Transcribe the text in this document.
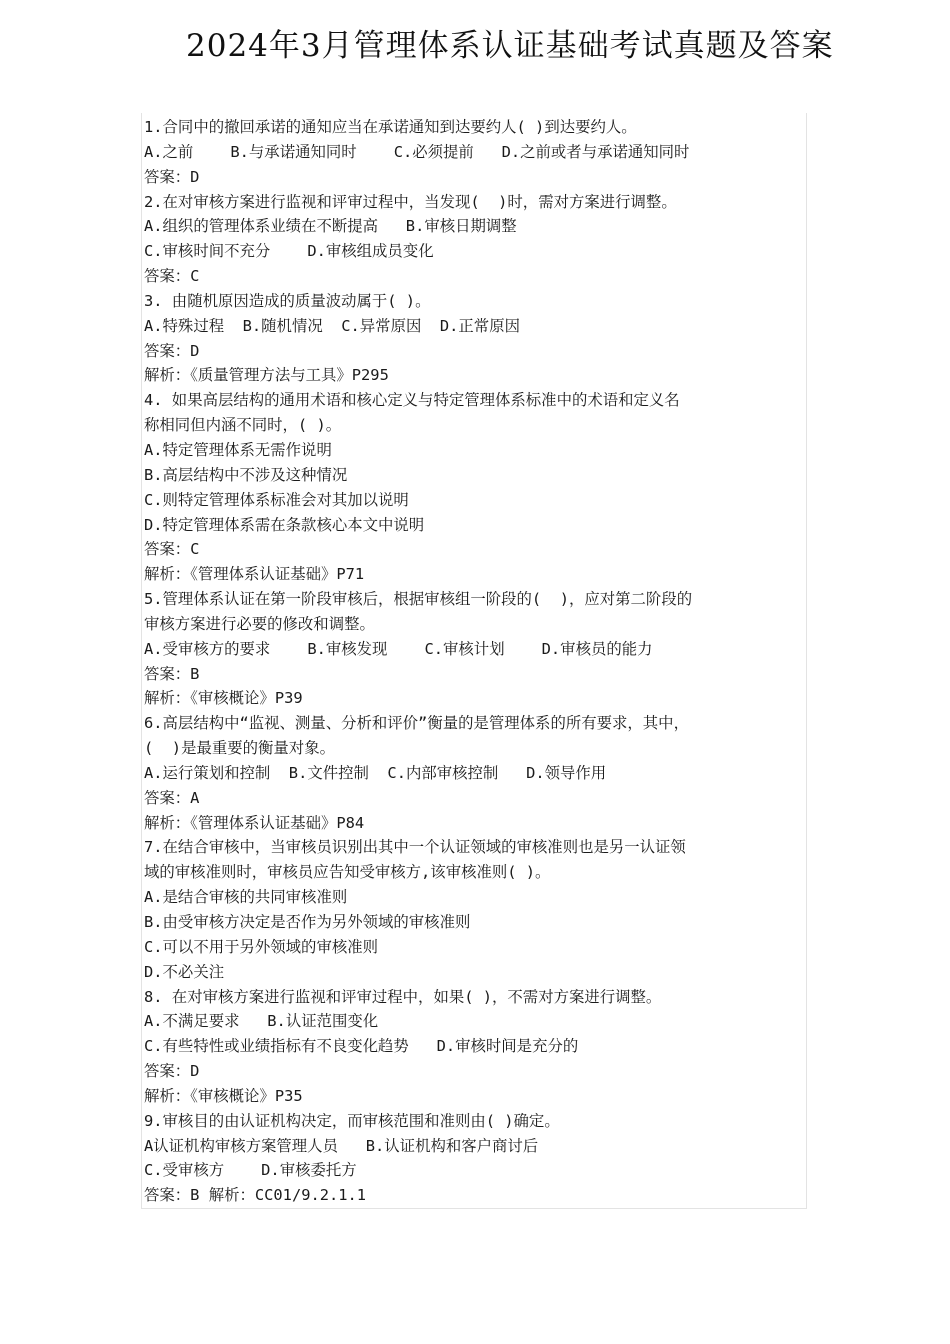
2024年3月管理体系认证基础考试真题及答案
1.合同中的撤回承诺的通知应当在承诺通知到达要约人( )到达要约人。
A.之前    B.与承诺通知同时    C.必须提前   D.之前或者与承诺通知同时
答案：D
2.在对审核方案进行监视和评审过程中，当发现(  )时，需对方案进行调整。
A.组织的管理体系业绩在不断提高   B.审核日期调整
C.审核时间不充分    D.审核组成员变化
答案：C
3. 由随机原因造成的质量波动属于( )。
A.特殊过程  B.随机情况  C.异常原因  D.正常原因
答案：D
解析：《质量管理方法与工具》P295
4. 如果高层结构的通用术语和核心定义与特定管理体系标准中的术语和定义名
称相同但内涵不同时，( )。
A.特定管理体系无需作说明
B.高层结构中不涉及这种情况
C.则特定管理体系标准会对其加以说明
D.特定管理体系需在条款核心本文中说明
答案：C
解析：《管理体系认证基础》P71
5.管理体系认证在第一阶段审核后，根据审核组一阶段的(  )，应对第二阶段的
审核方案进行必要的修改和调整。
A.受审核方的要求    B.审核发现    C.审核计划    D.审核员的能力
答案：B
解析：《审核概论》P39
6.高层结构中“监视、测量、分析和评价”衡量的是管理体系的所有要求，其中，
(  )是最重要的衡量对象。
A.运行策划和控制  B.文件控制  C.内部审核控制   D.领导作用
答案：A
解析：《管理体系认证基础》P84
7.在结合审核中，当审核员识别出其中一个认证领域的审核准则也是另一认证领
域的审核准则时，审核员应告知受审核方,该审核准则( )。
A.是结合审核的共同审核准则
B.由受审核方决定是否作为另外领域的审核准则
C.可以不用于另外领域的审核准则
D.不必关注
8. 在对审核方案进行监视和评审过程中，如果( )，不需对方案进行调整。
A.不满足要求   B.认证范围变化
C.有些特性或业绩指标有不良变化趋势   D.审核时间是充分的
答案：D
解析：《审核概论》P35
9.审核目的由认证机构决定，而审核范围和准则由( )确定。
A认证机构审核方案管理人员   B.认证机构和客户商讨后
C.受审核方    D.审核委托方
答案：B 解析：CC01/9.2.1.1
